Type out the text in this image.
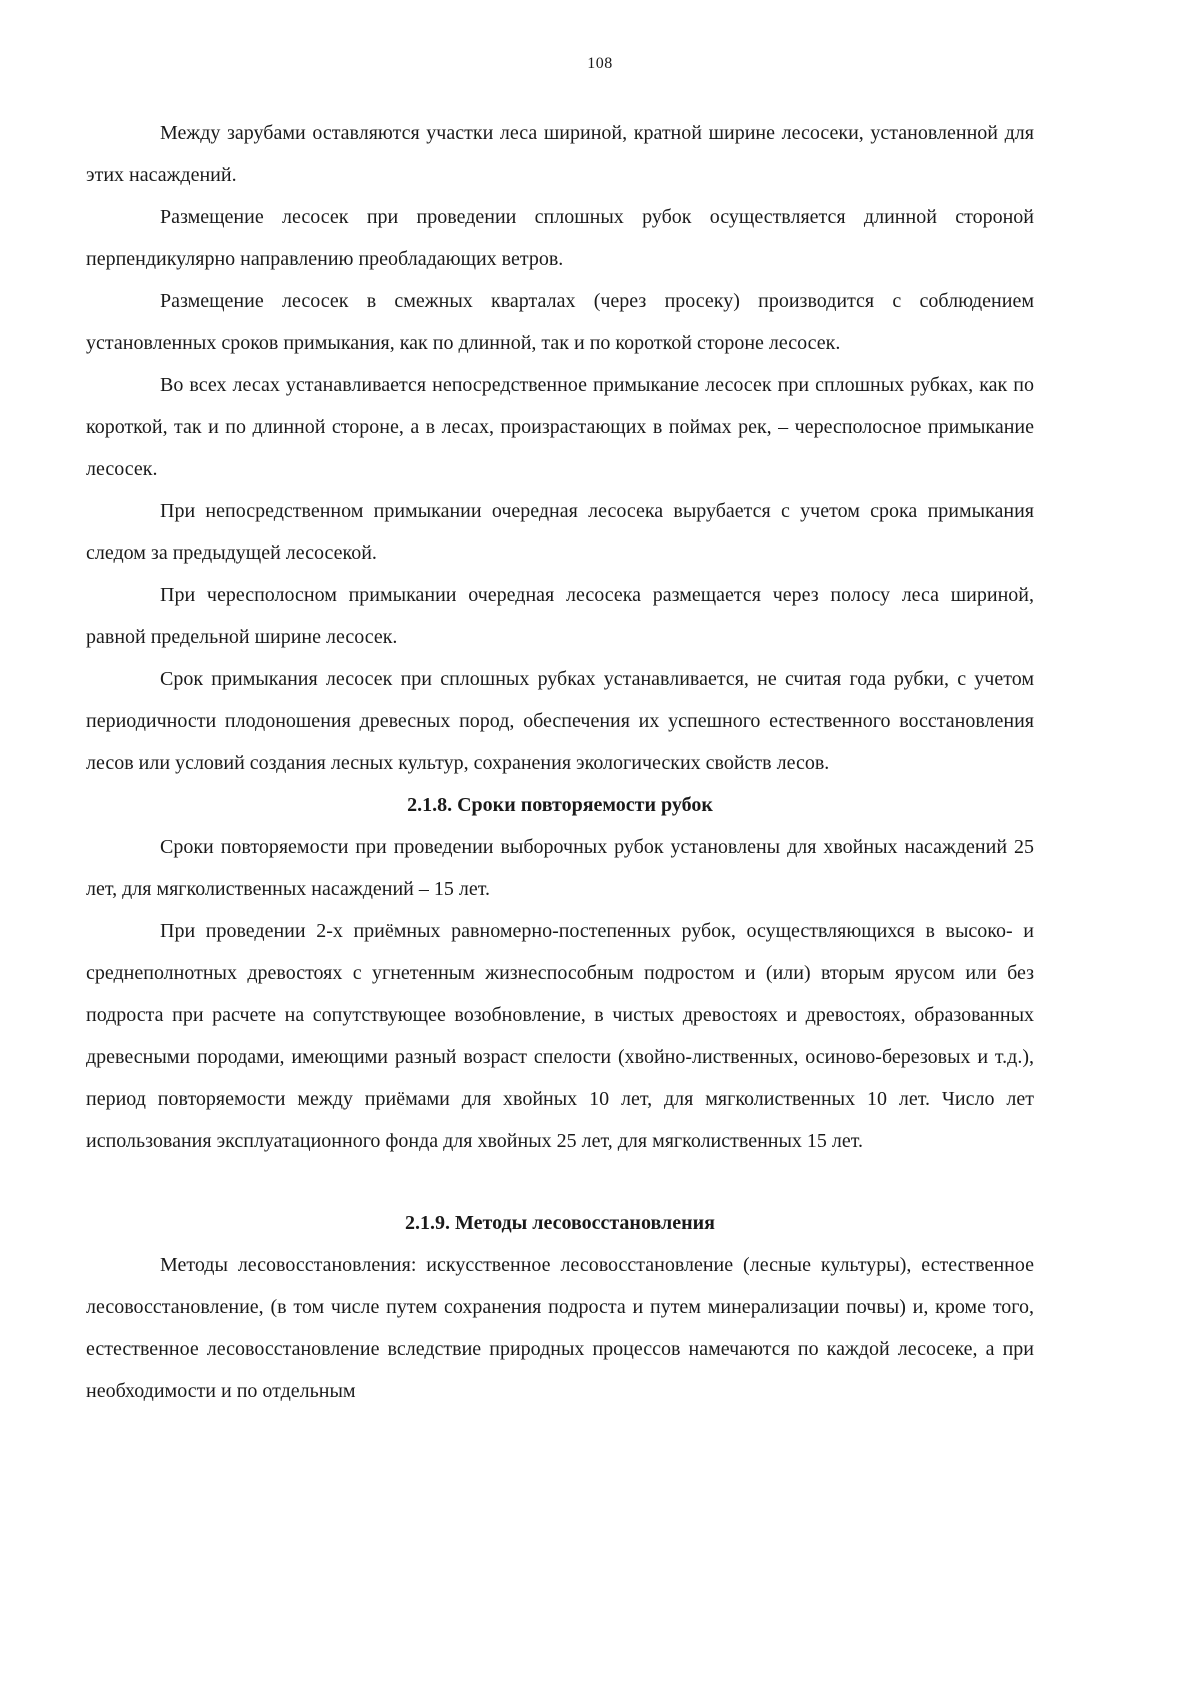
108

Между зарубами оставляются участки леса шириной, кратной ширине лесосеки, установленной для этих насаждений.

Размещение лесосек при проведении сплошных рубок осуществляется длинной стороной перпендикулярно направлению преобладающих ветров.

Размещение лесосек в смежных кварталах (через просеку) производится с соблюдением установленных сроков примыкания, как по длинной, так и по короткой стороне лесосек.

Во всех лесах устанавливается непосредственное примыкание лесосек при сплошных рубках, как по короткой, так и по длинной стороне, а в лесах, произрастающих в поймах рек, – чересполосное примыкание лесосек.

При непосредственном примыкании очередная лесосека вырубается с учетом срока примыкания следом за предыдущей лесосекой.

При чересполосном примыкании очередная лесосека размещается через полосу леса шириной, равной предельной ширине лесосек.

Срок примыкания лесосек при сплошных рубках устанавливается, не считая года рубки, с учетом периодичности плодоношения древесных пород, обеспечения их успешного естественного восстановления лесов или условий создания лесных культур, сохранения экологических свойств лесов.

2.1.8. Сроки повторяемости рубок

Сроки повторяемости при проведении выборочных рубок установлены для хвойных насаждений 25 лет, для мягколиственных насаждений – 15 лет.

При проведении 2-х приёмных равномерно-постепенных рубок, осуществляющихся в высоко- и среднеполнотных древостоях с угнетенным жизнеспособным подростом и (или) вторым ярусом или без подроста при расчете на сопутствующее возобновление, в чистых древостоях и древостоях, образованных древесными породами, имеющими разный возраст спелости (хвойно-лиственных, осиново-березовых и т.д.), период повторяемости между приёмами для хвойных 10 лет, для мягколиственных 10 лет. Число лет использования эксплуатационного фонда для хвойных 25 лет, для мягколиственных 15 лет.

2.1.9. Методы лесовосстановления

Методы лесовосстановления: искусственное лесовосстановление (лесные культуры), естественное лесовосстановление, (в том числе путем сохранения подроста и путем минерализации почвы) и, кроме того, естественное лесовосстановление вследствие природных процессов намечаются по каждой лесосеке, а при необходимости и по отдельным
